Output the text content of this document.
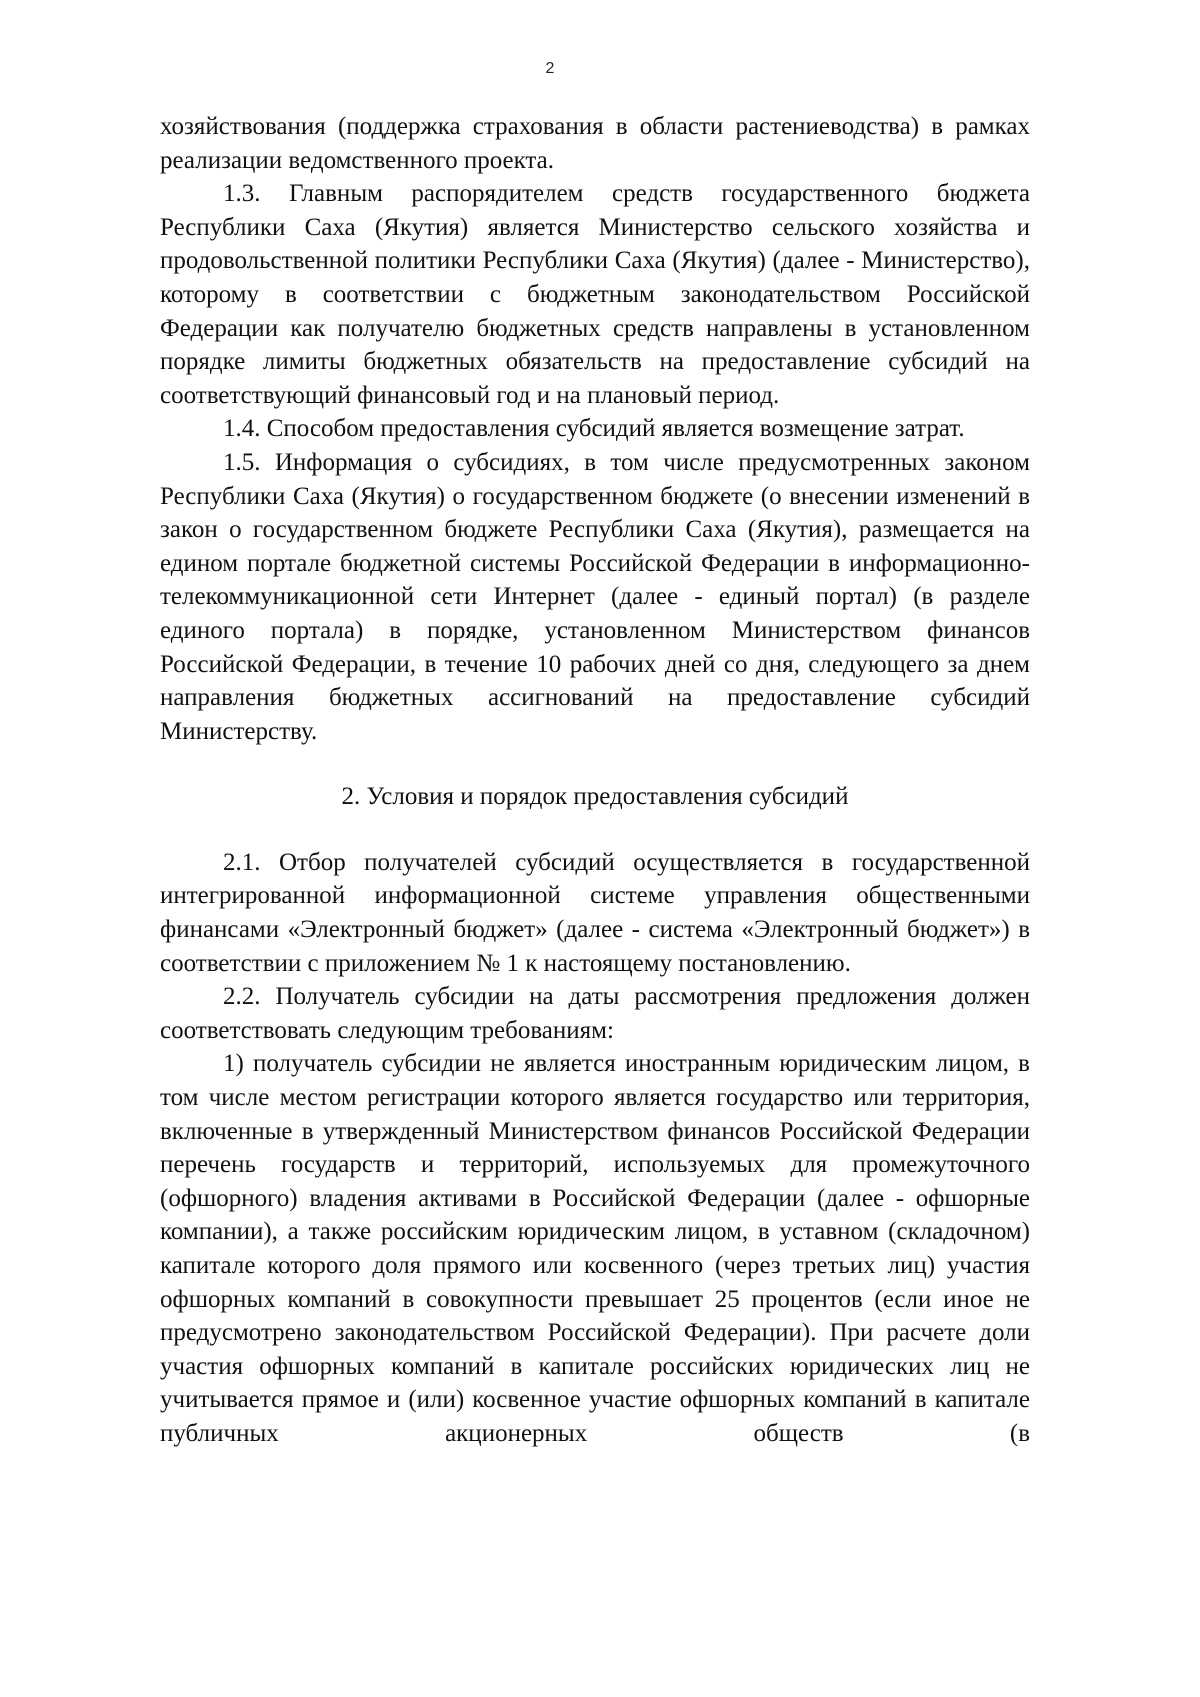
2

хозяйствования (поддержка страхования в области растениеводства) в рамках реализации ведомственного проекта.

1.3. Главным распорядителем средств государственного бюджета Республики Саха (Якутия) является Министерство сельского хозяйства и продовольственной политики Республики Саха (Якутия) (далее - Министерство), которому в соответствии с бюджетным законодательством Российской Федерации как получателю бюджетных средств направлены в установленном порядке лимиты бюджетных обязательств на предоставление субсидий на соответствующий финансовый год и на плановый период.

1.4. Способом предоставления субсидий является возмещение затрат.

1.5. Информация о субсидиях, в том числе предусмотренных законом Республики Саха (Якутия) о государственном бюджете (о внесении изменений в закон о государственном бюджете Республики Саха (Якутия), размещается на едином портале бюджетной системы Российской Федерации в информационно-телекоммуникационной сети Интернет (далее - единый портал) (в разделе единого портала) в порядке, установленном Министерством финансов Российской Федерации, в течение 10 рабочих дней со дня, следующего за днем направления бюджетных ассигнований на предоставление субсидий Министерству.

2. Условия и порядок предоставления субсидий

2.1. Отбор получателей субсидий осуществляется в государственной интегрированной информационной системе управления общественными финансами «Электронный бюджет» (далее - система «Электронный бюджет») в соответствии с приложением № 1 к настоящему постановлению.

2.2. Получатель субсидии на даты рассмотрения предложения должен соответствовать следующим требованиям:

1) получатель субсидии не является иностранным юридическим лицом, в том числе местом регистрации которого является государство или территория, включенные в утвержденный Министерством финансов Российской Федерации перечень государств и территорий, используемых для промежуточного (офшорного) владения активами в Российской Федерации (далее - офшорные компании), а также российским юридическим лицом, в уставном (складочном) капитале которого доля прямого или косвенного (через третьих лиц) участия офшорных компаний в совокупности превышает 25 процентов (если иное не предусмотрено законодательством Российской Федерации). При расчете доли участия офшорных компаний в капитале российских юридических лиц не учитывается прямое и (или) косвенное участие офшорных компаний в капитале публичных акционерных обществ (в
